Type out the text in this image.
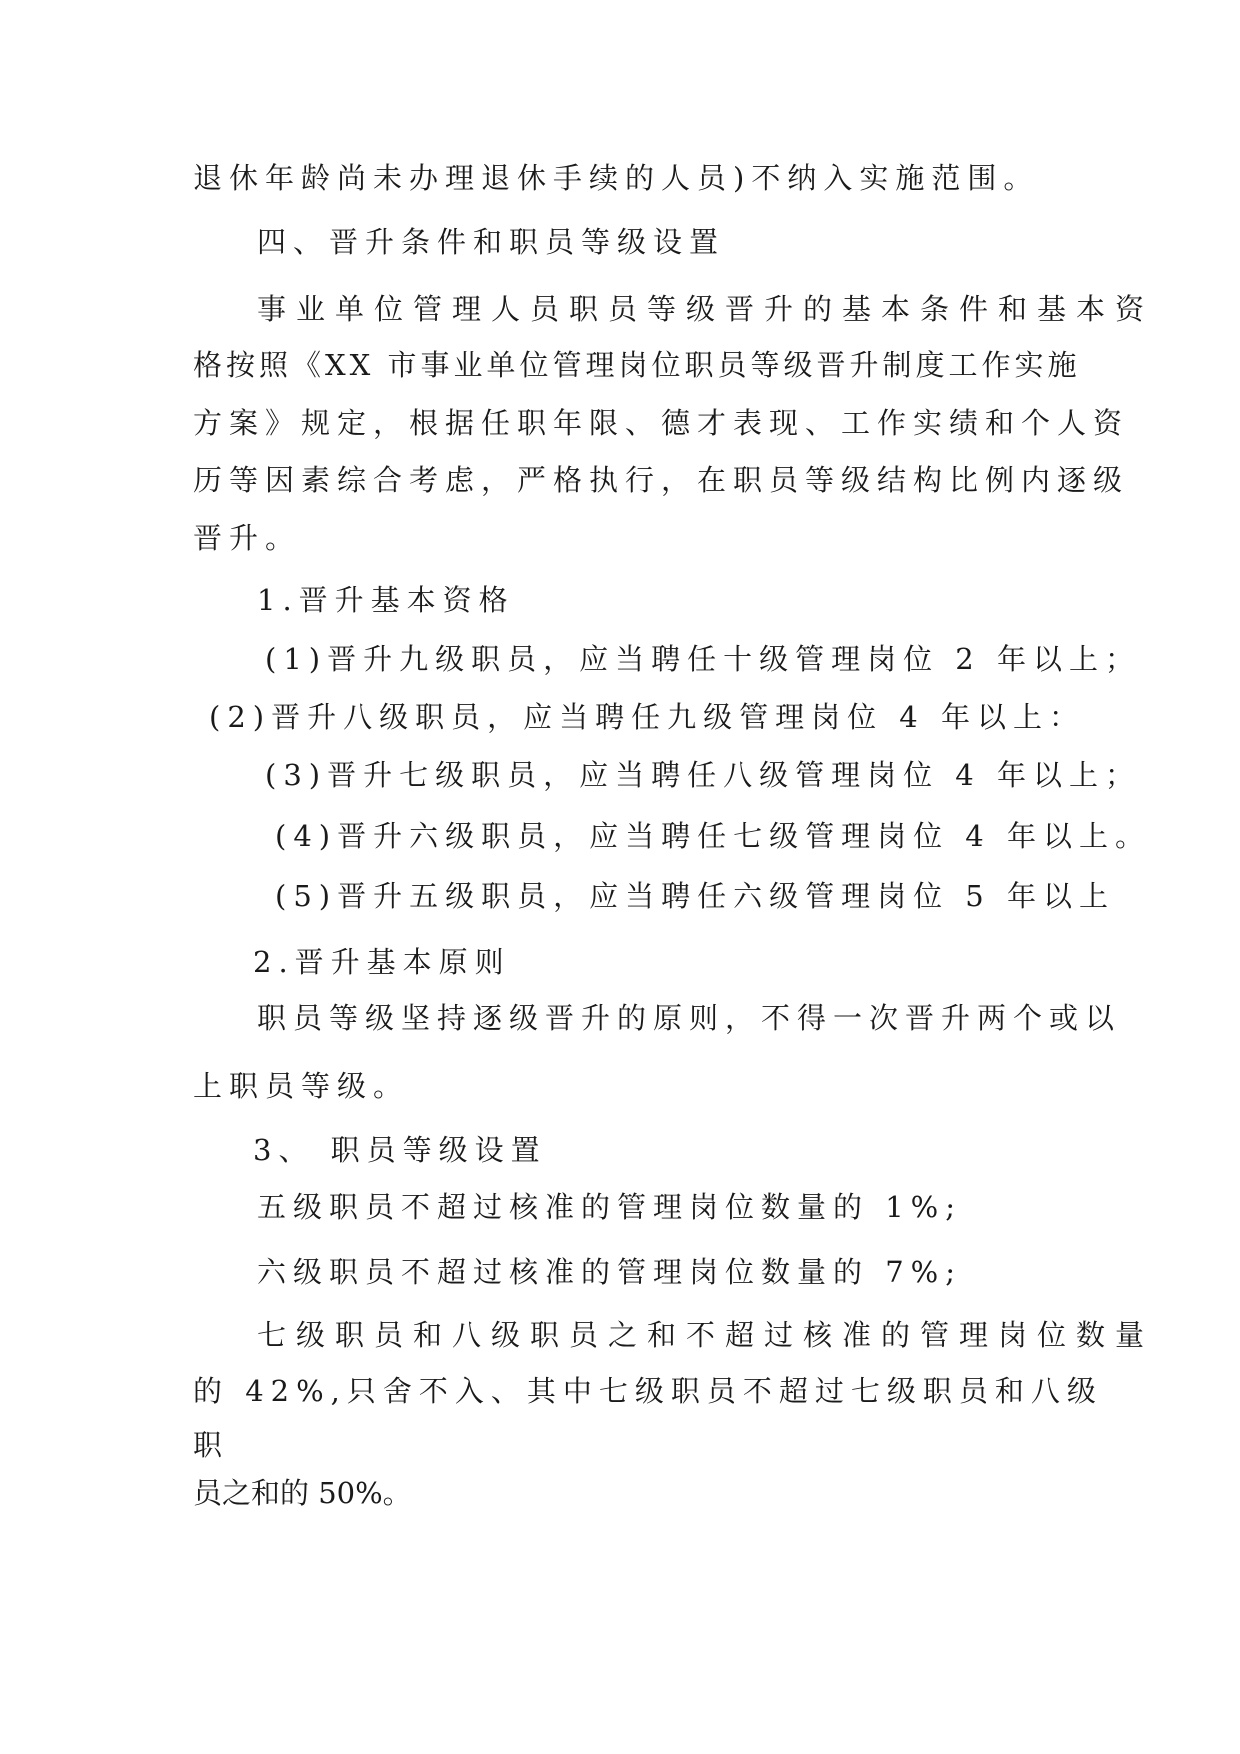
退休年龄尚未办理退休手续的人员)不纳入实施范围。

四、晋升条件和职员等级设置

事业单位管理人员职员等级晋升的基本条件和基本资

格按照《XX 市事业单位管理岗位职员等级晋升制度工作实施

方案》规定，根据任职年限、德才表现、工作实绩和个人资

历等因素综合考虑，严格执行，在职员等级结构比例内逐级

晋升。

1.晋升基本资格

(1)晋升九级职员，应当聘任十级管理岗位 2 年以上；

(2)晋升八级职员，应当聘任九级管理岗位 4 年以上：

(3)晋升七级职员，应当聘任八级管理岗位 4 年以上；

(4)晋升六级职员，应当聘任七级管理岗位 4 年以上。

(5)晋升五级职员，应当聘任六级管理岗位 5 年以上

2.晋升基本原则

职员等级坚持逐级晋升的原则，不得一次晋升两个或以

上职员等级。

3、 职员等级设置

五级职员不超过核准的管理岗位数量的 1%;

六级职员不超过核准的管理岗位数量的 7%;

七级职员和八级职员之和不超过核准的管理岗位数量

的 42%,只舍不入、其中七级职员不超过七级职员和八级

职

员之和的 50%。
